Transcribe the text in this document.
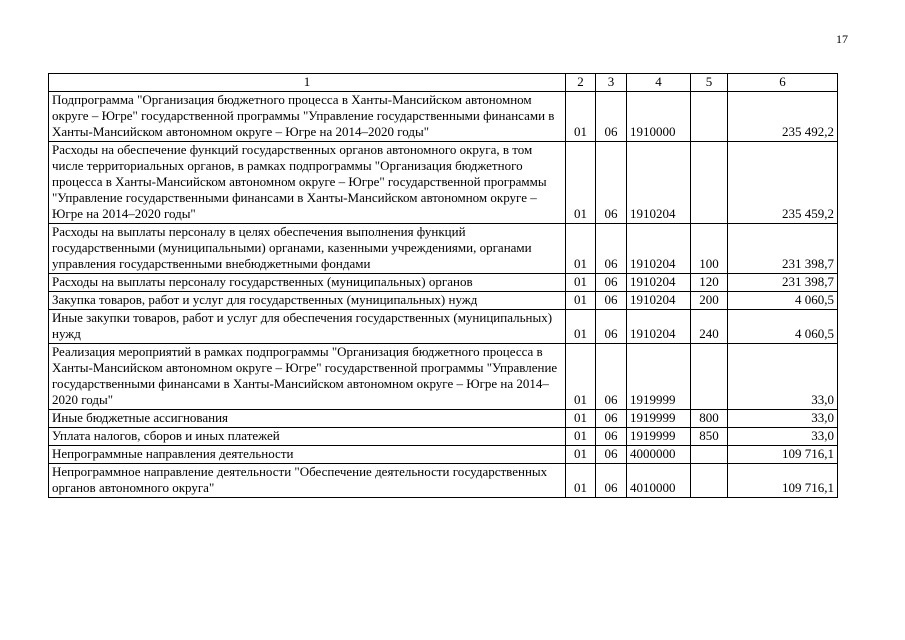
17
1	2	3	4	5	6
Подпрограмма "Организация бюджетного процесса в Ханты-Мансийском автономном округе – Югре" государственной программы "Управление государственными финансами в Ханты-Мансийском автономном округе – Югре на 2014–2020 годы"	01	06	1910000		235 492,2
Расходы на обеспечение функций государственных органов автономного округа, в том числе территориальных органов, в рамках подпрограммы "Организация бюджетного процесса в Ханты-Мансийском автономном округе – Югре" государственной программы "Управление государственными финансами в Ханты-Мансийском автономном округе – Югре на 2014–2020 годы"	01	06	1910204		235 459,2
Расходы на выплаты персоналу в целях обеспечения выполнения функций государственными (муниципальными) органами, казенными учреждениями, органами управления государственными внебюджетными фондами	01	06	1910204	100	231 398,7
Расходы на выплаты персоналу государственных (муниципальных) органов	01	06	1910204	120	231 398,7
Закупка товаров, работ и услуг для государственных (муниципальных) нужд	01	06	1910204	200	4 060,5
Иные закупки товаров, работ и услуг для обеспечения государственных (муниципальных) нужд	01	06	1910204	240	4 060,5
Реализация мероприятий в рамках подпрограммы "Организация бюджетного процесса в Ханты-Мансийском автономном округе – Югре" государственной программы "Управление государственными финансами в Ханты-Мансийском автономном округе – Югре на 2014–2020 годы"	01	06	1919999		33,0
Иные бюджетные ассигнования	01	06	1919999	800	33,0
Уплата налогов, сборов и иных платежей	01	06	1919999	850	33,0
Непрограммные направления деятельности	01	06	4000000		109 716,1
Непрограммное направление деятельности "Обеспечение деятельности государственных органов автономного округа"	01	06	4010000		109 716,1
